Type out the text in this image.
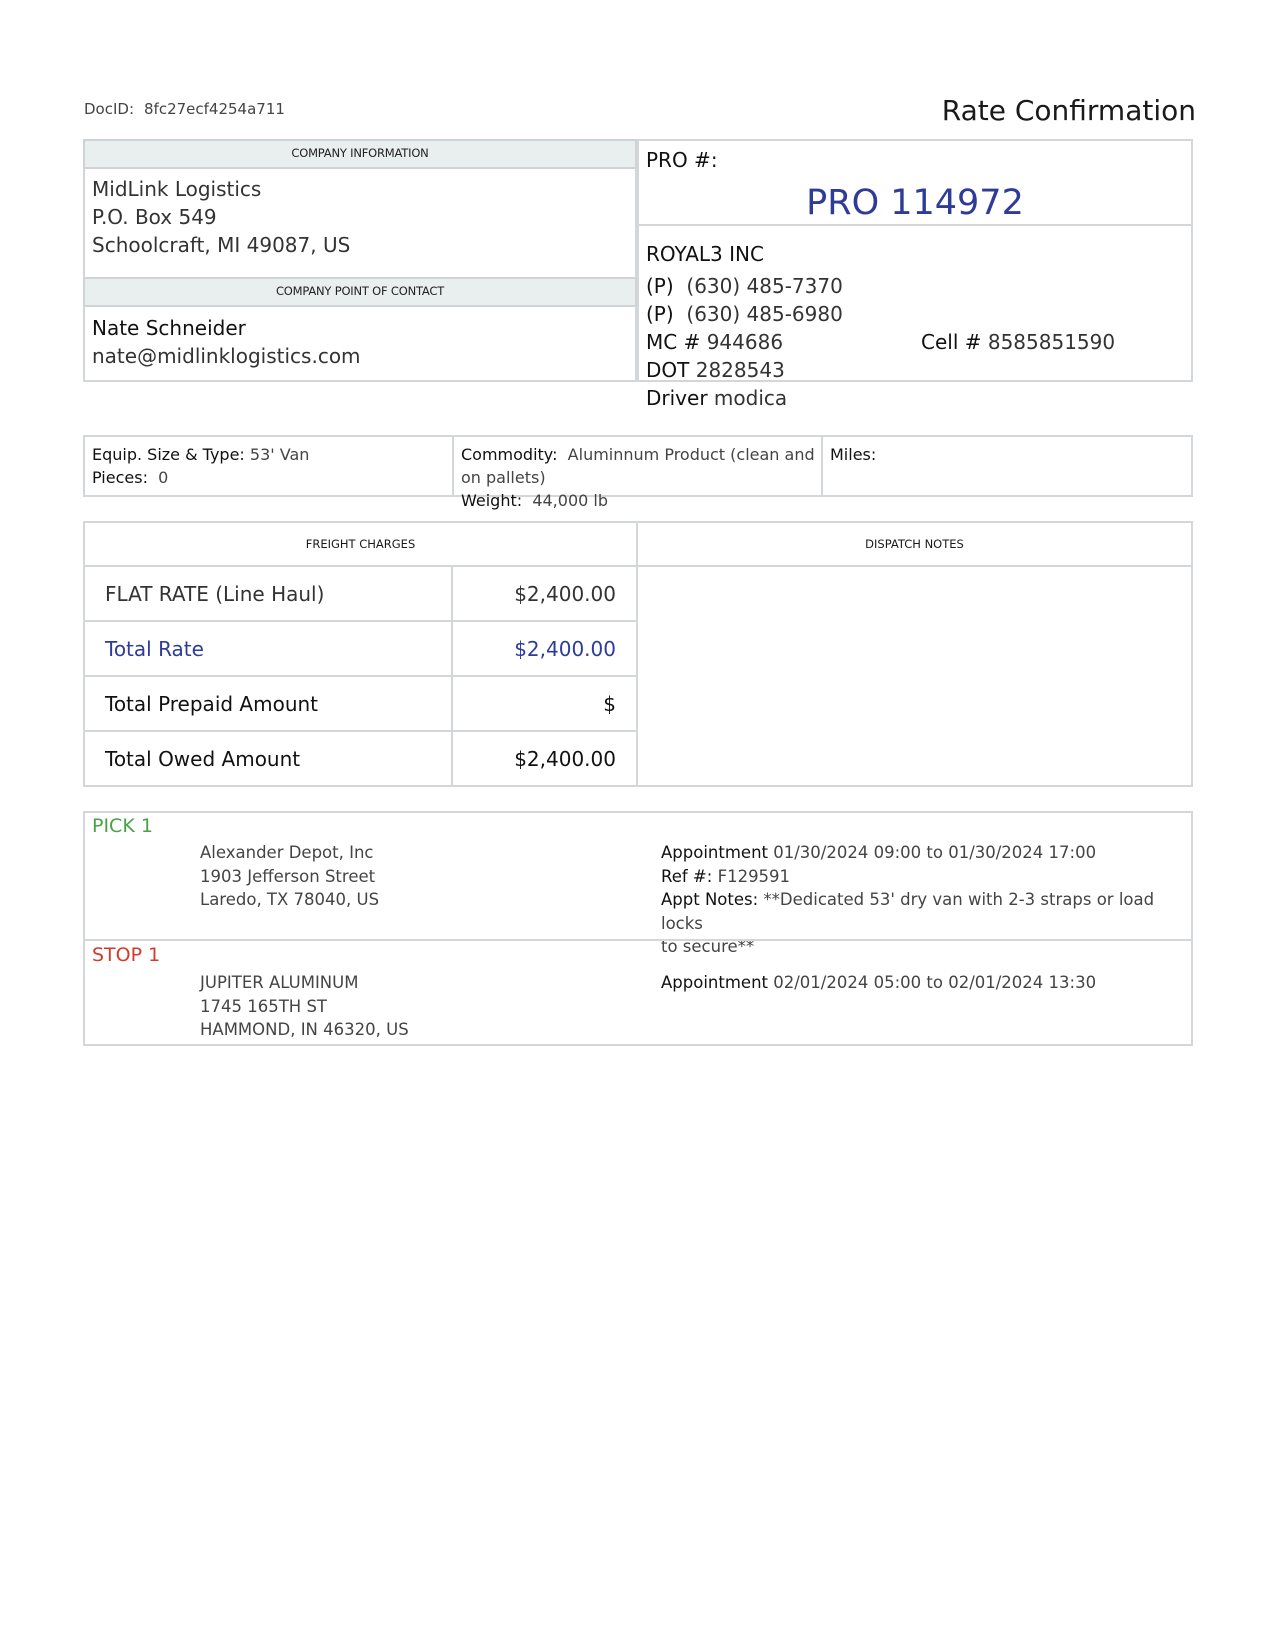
DocID: 8fc27ecf4254a711	Rate Confirmation
COMPANY INFORMATION
MidLink Logistics
P.O. Box 549
Schoolcraft, MI 49087, US
COMPANY POINT OF CONTACT
Nate Schneider
nate@midlinklogistics.com
PRO #:
PRO 114972
ROYAL3 INC
(P) (630) 485-7370
(P) (630) 485-6980
MC # 944686	Cell # 8585851590
DOT 2828543
Driver modica
Equip. Size & Type: 53' Van
Pieces: 0
Commodity: Aluminnum Product (clean and
on pallets)
Weight: 44,000 lb
Miles:
FREIGHT CHARGES	DISPATCH NOTES
FLAT RATE (Line Haul)	$2,400.00
Total Rate	$2,400.00
Total Prepaid Amount	$
Total Owed Amount	$2,400.00
PICK 1
Alexander Depot, Inc
1903 Jefferson Street
Laredo, TX 78040, US
Appointment 01/30/2024 09:00 to 01/30/2024 17:00
Ref #: F129591
Appt Notes: **Dedicated 53' dry van with 2-3 straps or load locks
to secure**
STOP 1
JUPITER ALUMINUM
1745 165TH ST
HAMMOND, IN 46320, US
Appointment 02/01/2024 05:00 to 02/01/2024 13:30
